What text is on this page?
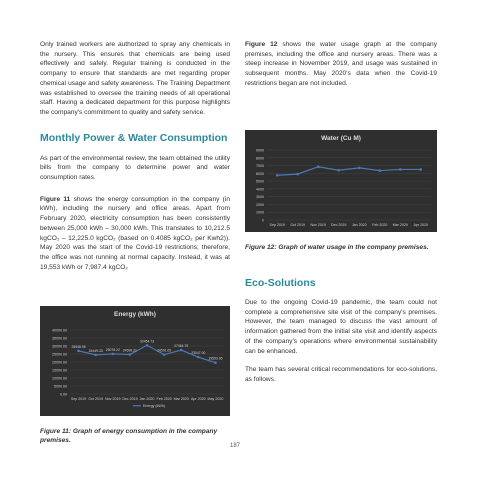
Only trained workers are authorized to spray any chemicals in the nursery. This ensures that chemicals are being used effectively and safely. Regular training is conducted in the company to ensure that standards are met regarding proper chemical usage and safety awareness. The Training Department was established to oversee the training needs of all operational staff. Having a dedicated department for this purpose highlights the company's commitment to quality and safety service.

Monthly Power & Water Consumption

As part of the environmental review, the team obtained the utility bills from the company to determine power and water consumption rates.

Figure 11 shows the energy consumption in the company (in kWh), including the nursery and office areas. Apart from February 2020, electricity consumption has been consistently between 25,000 kWh – 30,000 kWh. This translates to 10,212.5 kgCO₂ – 12,225.0 kgCO₂ (based on 0.4085 kgCO₂ per Kwh2)). May 2020 was the start of the Covid-19 restrictions; therefore, the office was not running at normal capacity. Instead, it was at 19,553 kWh or 7,987.4 kgCO₂

Energy (kWh)
40000.00
35000.00
30000.00
25000.00
20000.00
15000.00
10000.00
5000.00
0.00
Sep 2019 Oct 2019 Nov 2019 Dec 2019 Jan 2020 Feb 2020 Mar 2020 Apr 2020 May 2020
26948.96
24449.33 25078.22 24699.21
30454.73
24591.05
27464.75
23047.00
19553.06
Energy (kWh)
Figure 11: Graph of energy consumption in the company premises.

Figure 12 shows the water usage graph at the company premises, including the office and nursery areas. There was a steep increase in November 2019, and usage was sustained in subsequent months. May 2020's data when the Covid-19 restrictions began are not included.

Water (Cu M)
9000
8000
7000
6000
5000
4000
3000
2000
1000
0
Sep 2019 Oct 2019 Nov 2019 Dec 2019 Jan 2020 Feb 2020 Mar 2020 Apr 2020
Figure 12: Graph of water usage in the company premises.
Eco-Solutions

Due to the ongoing Covid-19 pandemic, the team could not complete a comprehensive site visit of the company's premises. However, the team managed to discuss the vast amount of information gathered from the initial site visit and identify aspects of the company's operations where environmental sustainability can be enhanced.

The team has several critical recommendations for eco-solutions, as follows.

187
